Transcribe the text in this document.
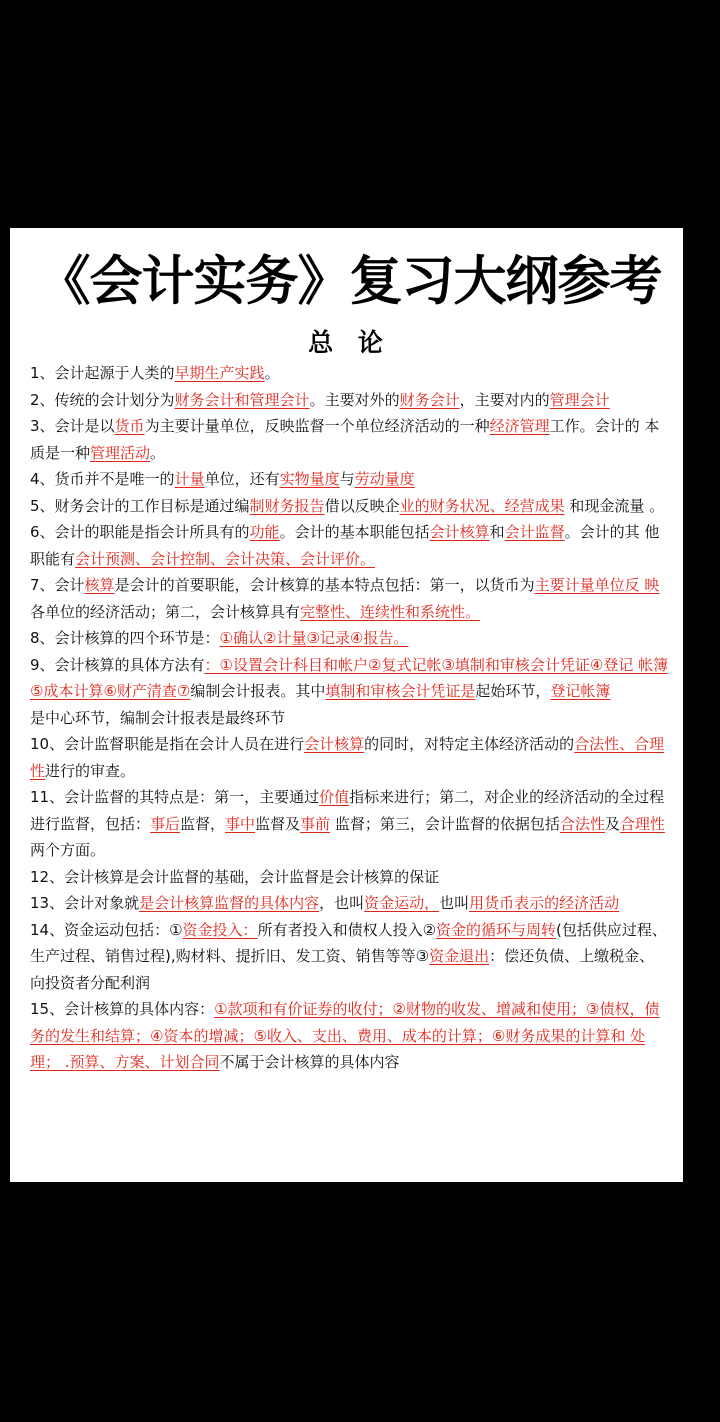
《会计实务》复习大纲参考
总 论

1、会计起源于人类的早期生产实践。

2、传统的会计划分为财务会计和管理会计。主要对外的财务会计，主要对内的管理会计

3、会计是以货币为主要计量单位，反映监督一个单位经济活动的一种经济管理工作。会计的 本质是一种管理活动。

4、货币并不是唯一的计量单位，还有实物量度与劳动量度

5、财务会计的工作目标是通过编制财务报告借以反映企业的财务状况、经营成果 和现金流量 。

6、会计的职能是指会计所具有的功能。会计的基本职能包括会计核算和会计监督。会计的其 他职能有会计预测、会计控制、会计决策、会计评价。

7、会计核算是会计的首要职能，会计核算的基本特点包括：第一，以货币为主要计量单位反 映各单位的经济活动；第二，会计核算具有完整性、连续性和系统性。

8、会计核算的四个环节是：①确认②计量③记录④报告。

9、会计核算的具体方法有：①设置会计科目和帐户②复式记帐③填制和审核会计凭证④登记 帐簿⑤成本计算⑥财产清查⑦编制会计报表。其中填制和审核会计凭证是起始环节，登记帐簿

是中心环节，编制会计报表是最终环节

10、会计监督职能是指在会计人员在进行会计核算的同时，对特定主体经济活动的合法性、合理性进行的审查。

11、会计监督的其特点是：第一，主要通过价值指标来进行；第二，对企业的经济活动的全过程进行监督，包括：事后监督，事中监督及事前 监督；第三，会计监督的依据包括合法性及合理性两个方面。

12、会计核算是会计监督的基础，会计监督是会计核算的保证

13、会计对象就是会计核算监督的具体内容，也叫资金运动，也叫用货币表示的经济活动

14、资金运动包括：①资金投入：所有者投入和债权人投入②资金的循环与周转(包括供应过程、生产过程、销售过程),购材料、提折旧、发工资、销售等等③资金退出：偿还负债、上缴税金、向投资者分配利润

15、会计核算的具体内容：①款项和有价证券的收付；②财物的收发、增减和使用；③债权，债务的发生和结算；④资本的增减；⑤收入、支出、费用、成本的计算；⑥财务成果的计算和 处理； .预算、方案、计划合同不属于会计核算的具体内容
